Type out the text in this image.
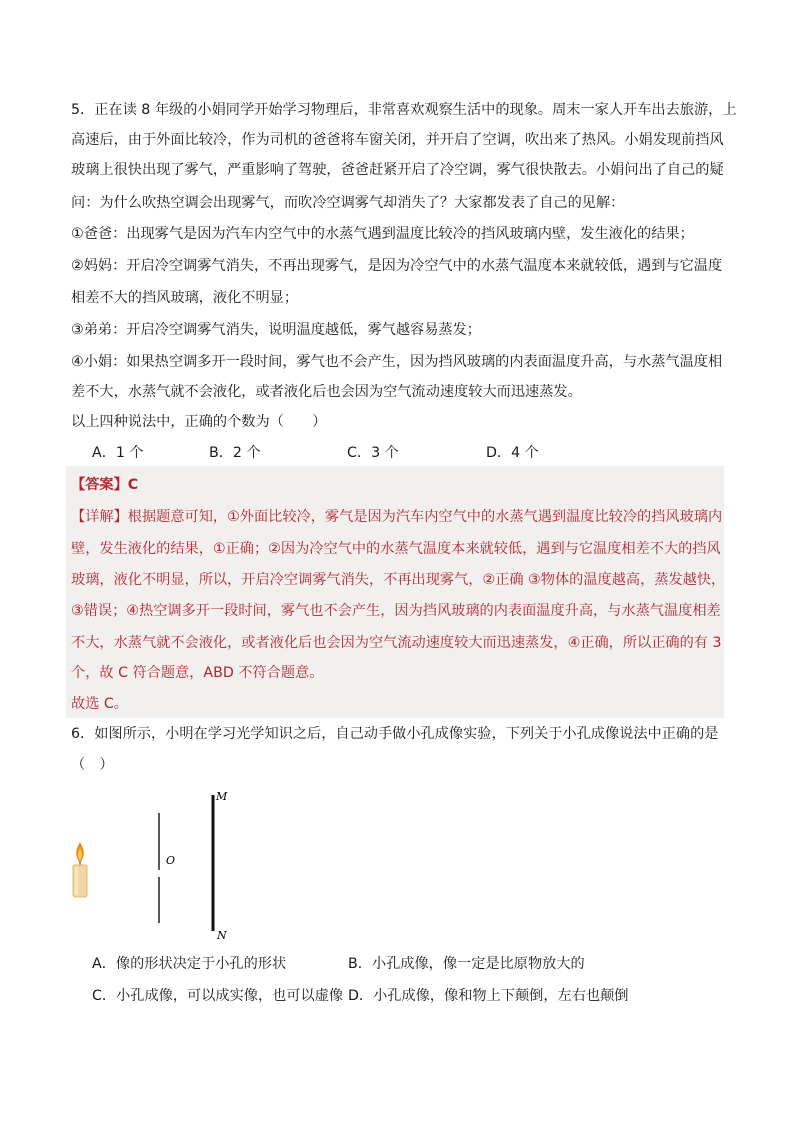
5．正在读 8 年级的小娟同学开始学习物理后，非常喜欢观察生活中的现象。周末一家人开车出去旅游，上
高速后，由于外面比较冷，作为司机的爸爸将车窗关闭，并开启了空调，吹出来了热风。小娟发现前挡风
玻璃上很快出现了雾气，严重影响了驾驶，爸爸赶紧开启了冷空调，雾气很快散去。小娟问出了自己的疑
问：为什么吹热空调会出现雾气，而吹冷空调雾气却消失了？大家都发表了自己的见解：
①爸爸：出现雾气是因为汽车内空气中的水蒸气遇到温度比较冷的挡风玻璃内壁，发生液化的结果；
②妈妈：开启冷空调雾气消失，不再出现雾气，是因为冷空气中的水蒸气温度本来就较低，遇到与它温度
相差不大的挡风玻璃，液化不明显；
③弟弟：开启冷空调雾气消失，说明温度越低，雾气越容易蒸发；
④小娟：如果热空调多开一段时间，雾气也不会产生，因为挡风玻璃的内表面温度升高，与水蒸气温度相
差不大，水蒸气就不会液化，或者液化后也会因为空气流动速度较大而迅速蒸发。
以上四种说法中，正确的个数为（　　）
A．1 个	B．2 个	C．3 个	D．4 个
【答案】C
【详解】根据题意可知，①外面比较冷，雾气是因为汽车内空气中的水蒸气遇到温度比较冷的挡风玻璃内
壁，发生液化的结果，①正确；②因为冷空气中的水蒸气温度本来就较低，遇到与它温度相差不大的挡风
玻璃，液化不明显，所以，开启冷空调雾气消失，不再出现雾气，②正确 ③物体的温度越高，蒸发越快，
③错误；④热空调多开一段时间，雾气也不会产生，因为挡风玻璃的内表面温度升高，与水蒸气温度相差
不大，水蒸气就不会液化，或者液化后也会因为空气流动速度较大而迅速蒸发，④正确，所以正确的有 3
个，故 C 符合题意，ABD 不符合题意。
故选 C。
6．如图所示，小明在学习光学知识之后，自己动手做小孔成像实验，下列关于小孔成像说法中正确的是
（　）
O
M
N
A．像的形状决定于小孔的形状	B．小孔成像，像一定是比原物放大的
C．小孔成像，可以成实像，也可以虚像 D．小孔成像，像和物上下颠倒，左右也颠倒
